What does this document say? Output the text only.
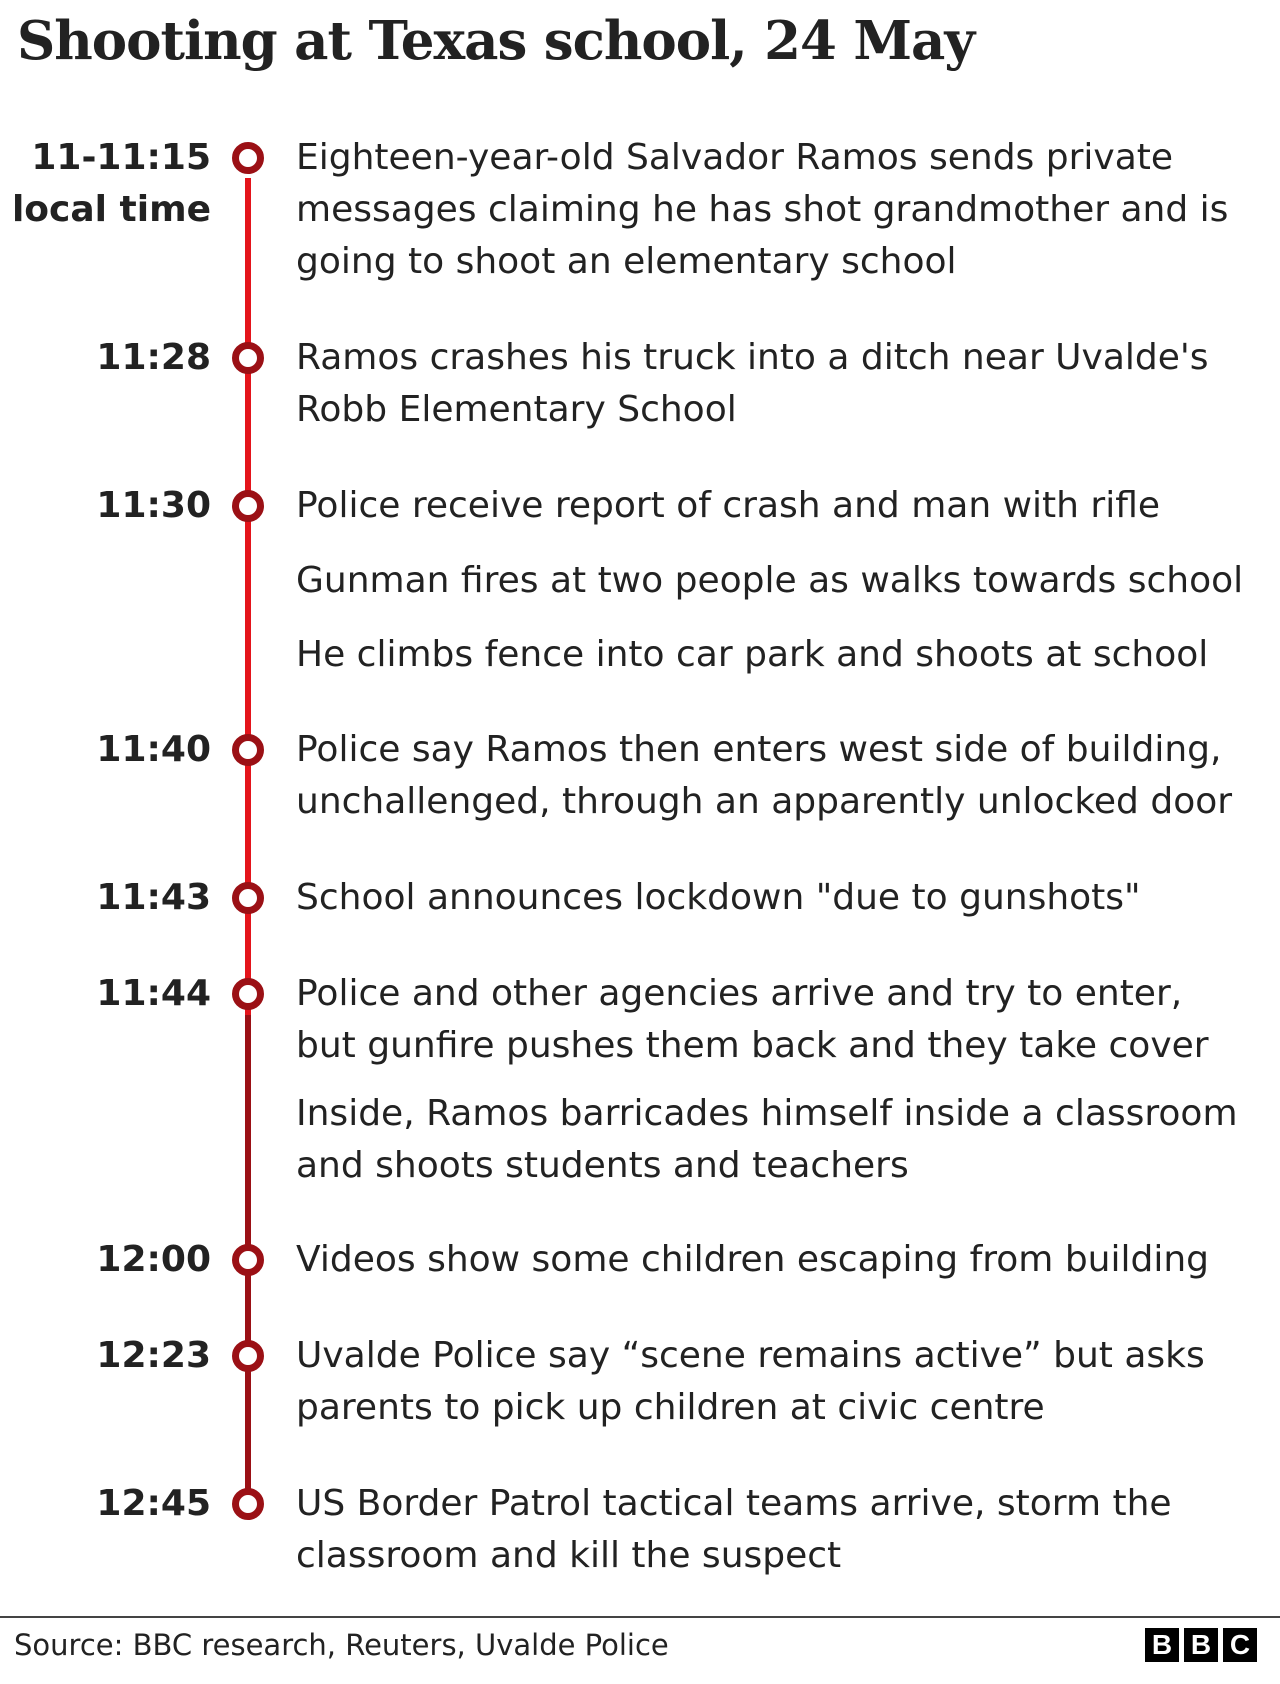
Shooting at Texas school, 24 May
11-11:15
local time
Eighteen-year-old Salvador Ramos sends private
messages claiming he has shot grandmother and is
going to shoot an elementary school
11:28 Ramos crashes his truck into a ditch near Uvalde's
Robb Elementary School
11:30 Police receive report of crash and man with rifle
Gunman fires at two people as walks towards school
He climbs fence into car park and shoots at school
11:40 Police say Ramos then enters west side of building,
unchallenged, through an apparently unlocked door
11:43 School announces lockdown "due to gunshots"
11:44 Police and other agencies arrive and try to enter,
but gunfire pushes them back and they take cover
Inside, Ramos barricades himself inside a classroom
and shoots students and teachers
12:00 Videos show some children escaping from building
12:23 Uvalde Police say “scene remains active” but asks
parents to pick up children at civic centre
12:45 US Border Patrol tactical teams arrive, storm the
classroom and kill the suspect
Source: BBC research, Reuters, Uvalde Police	B B C
